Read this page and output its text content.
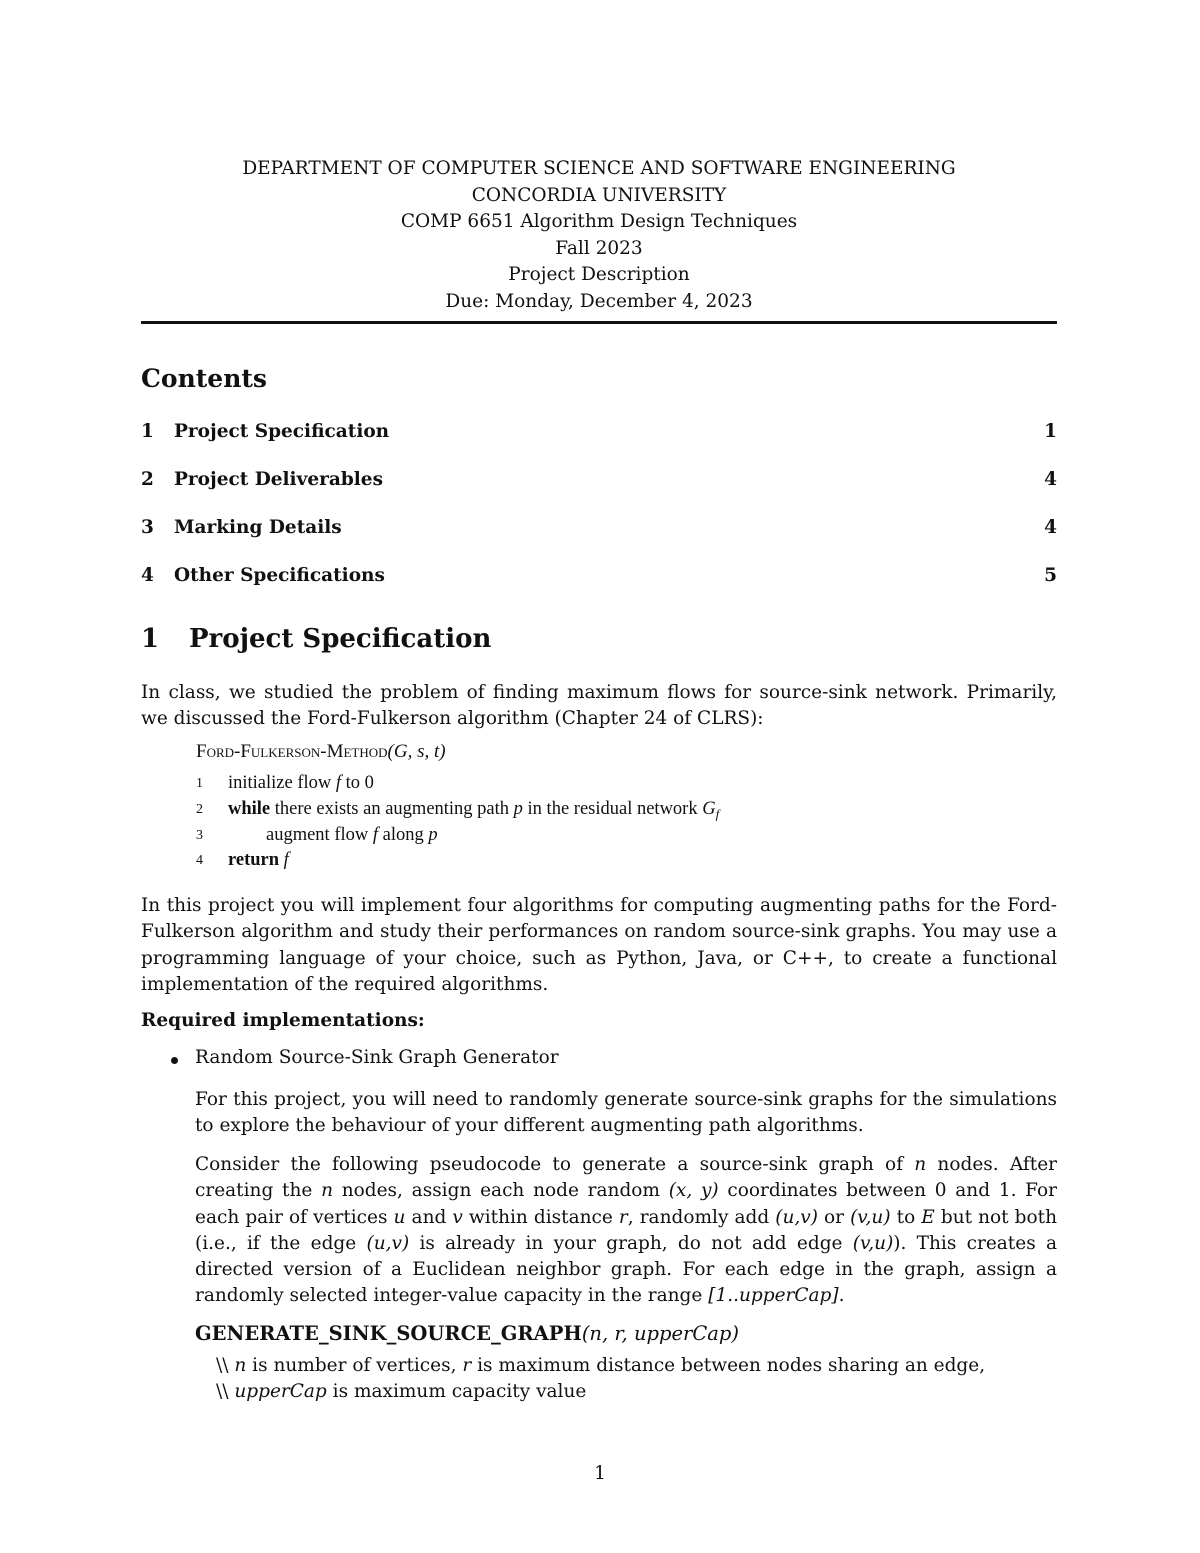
DEPARTMENT OF COMPUTER SCIENCE AND SOFTWARE ENGINEERING
CONCORDIA UNIVERSITY
COMP 6651 Algorithm Design Techniques
Fall 2023
Project Description
Due: Monday, December 4, 2023
Contents
1 Project Specification	1
2 Project Deliverables	4
3 Marking Details	4
4 Other Specifications	5
1 Project Specification

In class, we studied the problem of finding maximum flows for source-sink network. Primarily, we discussed the Ford-Fulkerson algorithm (Chapter 24 of CLRS):

Ford-Fulkerson-Method(G, s, t)
1 initialize flow f to 0
2 while there exists an augmenting path p in the residual network $G_f$
3	augment flow f along p
4 return f

In this project you will implement four algorithms for computing augmenting paths for the Ford-Fulkerson algorithm and study their performances on random source-sink graphs. You may use a programming language of your choice, such as Python, Java, or C++, to create a functional implementation of the required algorithms.

Required implementations:
Random Source-Sink Graph Generator

For this project, you will need to randomly generate source-sink graphs for the simulations to explore the behaviour of your different augmenting path algorithms.

Consider the following pseudocode to generate a source-sink graph of n nodes. After creating the n nodes, assign each node random (x, y) coordinates between 0 and 1. For each pair of vertices u and v within distance r, randomly add (u,v) or (v,u) to E but not both (i.e., if the edge (u,v) is already in your graph, do not add edge (v,u)). This creates a directed version of a Euclidean neighbor graph. For each edge in the graph, assign a randomly selected integer-value capacity in the range [1..upperCap].

GENERATE_SINK_SOURCE_GRAPH(n, r, upperCap)
\\ n is number of vertices, r is maximum distance between nodes sharing an edge,
\\ upperCap is maximum capacity value
1
